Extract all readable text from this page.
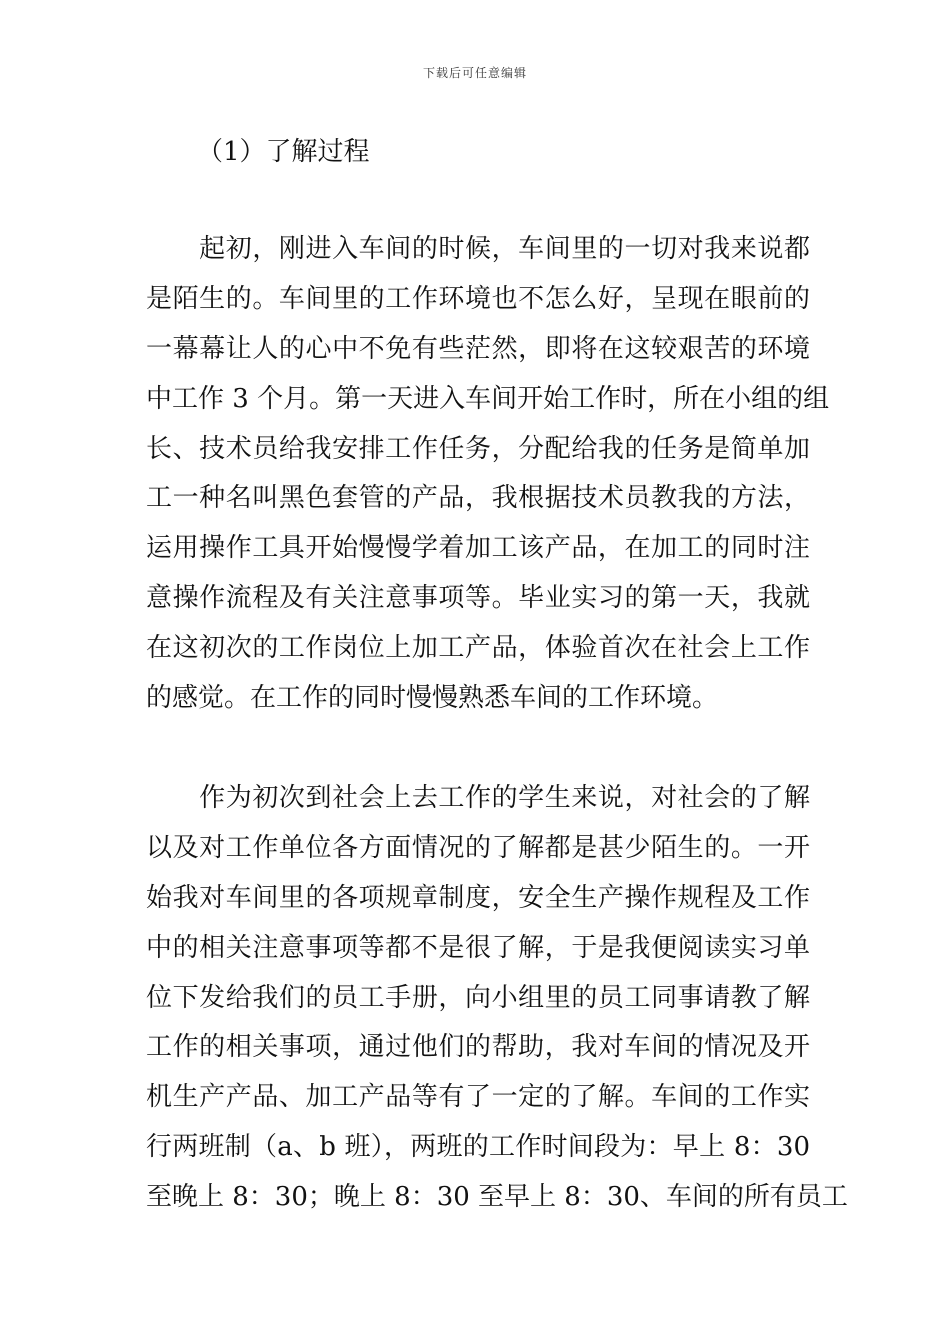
下载后可任意编辑
（1）了解过程
　　起初，刚进入车间的时候，车间里的一切对我来说都
是陌生的。车间里的工作环境也不怎么好，呈现在眼前的
一幕幕让人的心中不免有些茫然，即将在这较艰苦的环境
中工作 3 个月。第一天进入车间开始工作时，所在小组的组
长、技术员给我安排工作任务，分配给我的任务是简单加
工一种名叫黑色套管的产品，我根据技术员教我的方法，
运用操作工具开始慢慢学着加工该产品，在加工的同时注
意操作流程及有关注意事项等。毕业实习的第一天，我就
在这初次的工作岗位上加工产品，体验首次在社会上工作
的感觉。在工作的同时慢慢熟悉车间的工作环境。
　　作为初次到社会上去工作的学生来说，对社会的了解
以及对工作单位各方面情况的了解都是甚少陌生的。一开
始我对车间里的各项规章制度，安全生产操作规程及工作
中的相关注意事项等都不是很了解，于是我便阅读实习单
位下发给我们的员工手册，向小组里的员工同事请教了解
工作的相关事项，通过他们的帮助，我对车间的情况及开
机生产产品、加工产品等有了一定的了解。车间的工作实
行两班制（a、b 班），两班的工作时间段为：早上 8：30
至晚上 8：30；晚上 8：30 至早上 8：30、车间的所有员工
